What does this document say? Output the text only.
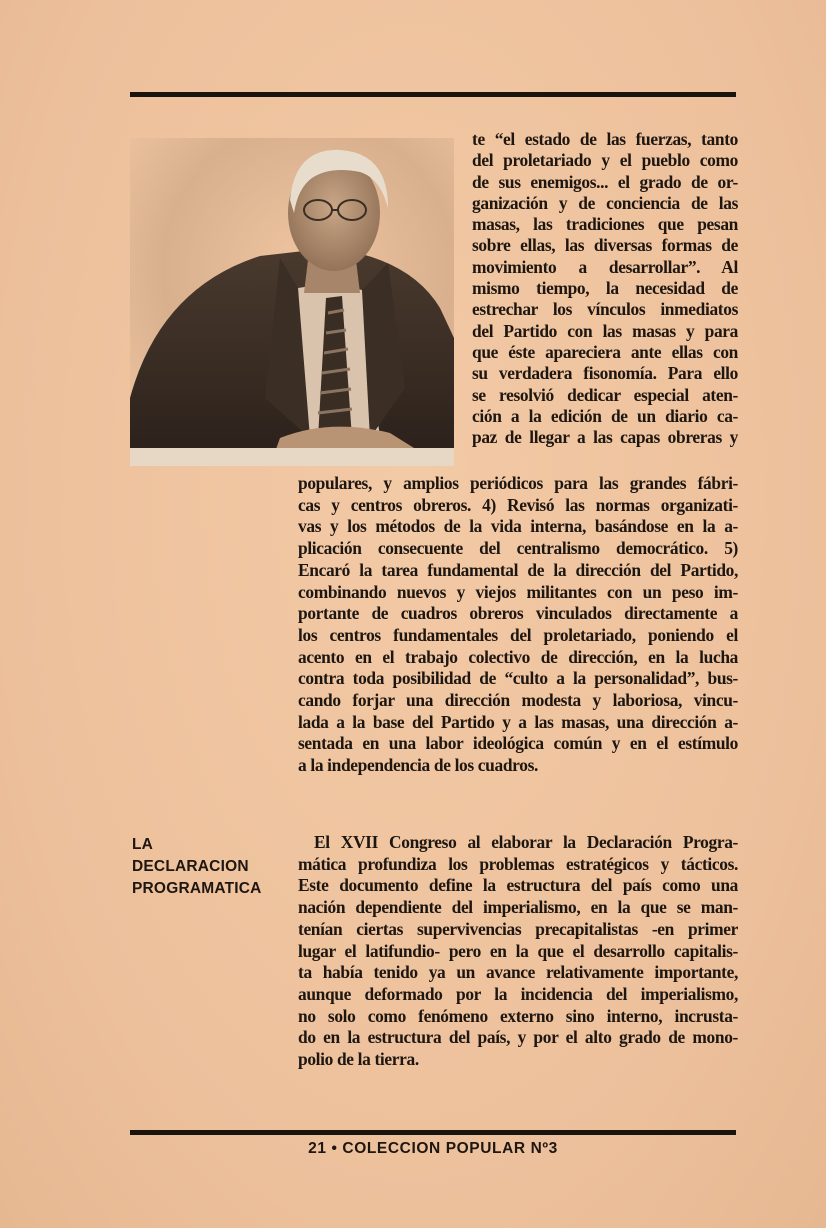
te “el estado de las fuerzas, tanto
del proletariado y el pueblo como
de sus enemigos... el grado de or-
ganización y de conciencia de las
masas, las tradiciones que pesan
sobre ellas, las diversas formas de
movimiento a desarrollar”. Al
mismo tiempo, la necesidad de
estrechar los vínculos inmediatos
del Partido con las masas y para
que éste apareciera ante ellas con
su verdadera fisonomía. Para ello
se resolvió dedicar especial aten-
ción a la edición de un diario ca-
paz de llegar a las capas obreras y
populares, y amplios periódicos para las grandes fábri-
cas y centros obreros. 4) Revisó las normas organizati-
vas y los métodos de la vida interna, basándose en la a-
plicación consecuente del centralismo democrático. 5)
Encaró la tarea fundamental de la dirección del Partido,
combinando nuevos y viejos militantes con un peso im-
portante de cuadros obreros vinculados directamente a
los centros fundamentales del proletariado, poniendo el
acento en el trabajo colectivo de dirección, en la lucha
contra toda posibilidad de “culto a la personalidad”, bus-
cando forjar una dirección modesta y laboriosa, vincu-
lada a la base del Partido y a las masas, una dirección a-
sentada en una labor ideológica común y en el estímulo
a la independencia de los cuadros.
LA
DECLARACION
PROGRAMATICA
El XVII Congreso al elaborar la Declaración Progra-
mática profundiza los problemas estratégicos y tácticos.
Este documento define la estructura del país como una
nación dependiente del imperialismo, en la que se man-
tenían ciertas supervivencias precapitalistas -en primer
lugar el latifundio- pero en la que el desarrollo capitalis-
ta había tenido ya un avance relativamente importante,
aunque deformado por la incidencia del imperialismo,
no solo como fenómeno externo sino interno, incrusta-
do en la estructura del país, y por el alto grado de mono-
polio de la tierra.
21 • COLECCION POPULAR Nº3
